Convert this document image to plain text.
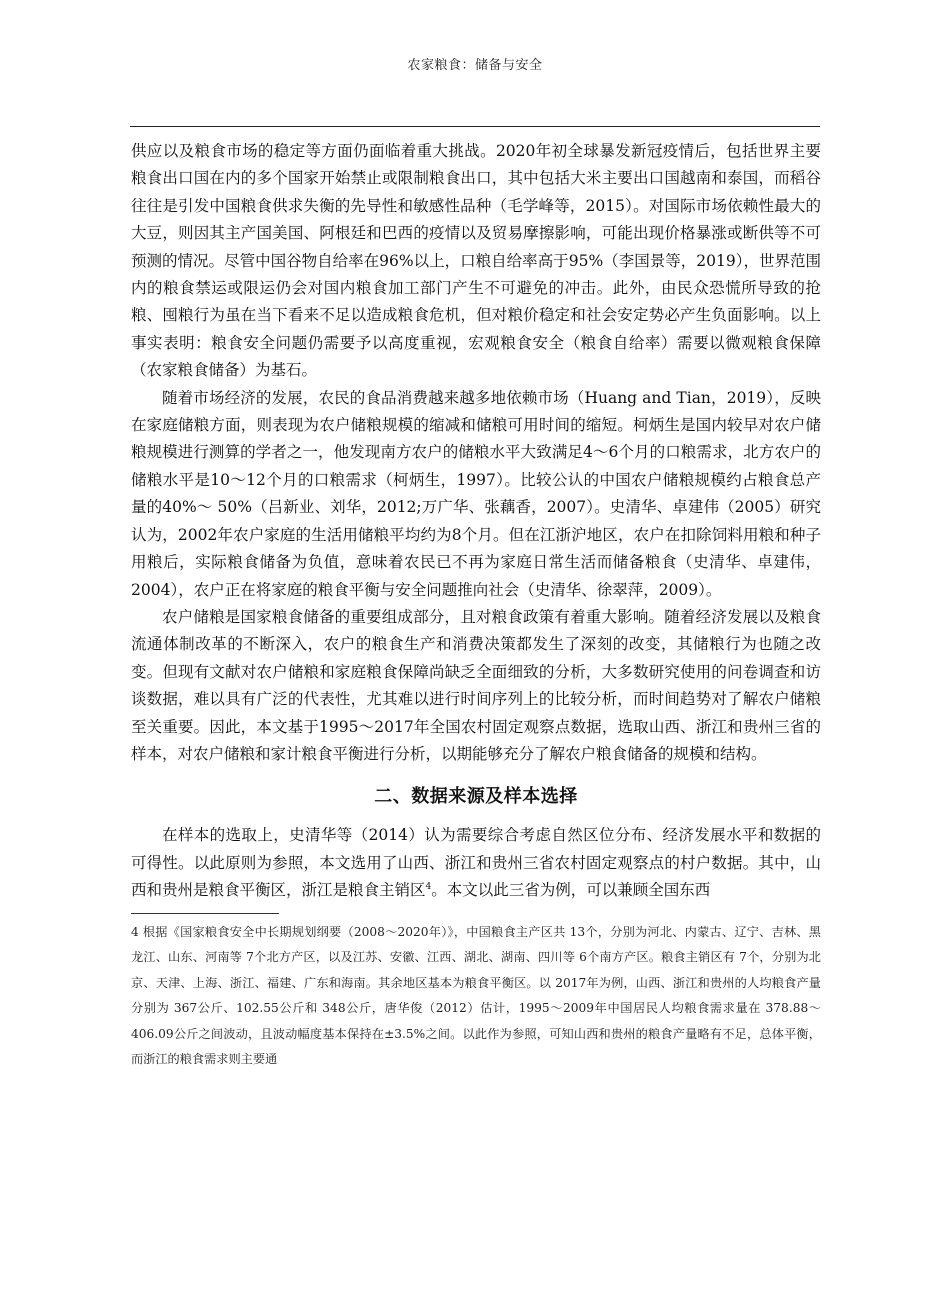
农家粮食：储备与安全

供应以及粮食市场的稳定等方面仍面临着重大挑战。2020年初全球暴发新冠疫情后，包括世界主要粮食出口国在内的多个国家开始禁止或限制粮食出口，其中包括大米主要出口国越南和泰国，而稻谷往往是引发中国粮食供求失衡的先导性和敏感性品种（毛学峰等，2015）。对国际市场依赖性最大的大豆，则因其主产国美国、阿根廷和巴西的疫情以及贸易摩擦影响，可能出现价格暴涨或断供等不可预测的情况。尽管中国谷物自给率在96%以上，口粮自给率高于95%（李国景等，2019），世界范围内的粮食禁运或限运仍会对国内粮食加工部门产生不可避免的冲击。此外，由民众恐慌所导致的抢粮、囤粮行为虽在当下看来不足以造成粮食危机，但对粮价稳定和社会安定势必产生负面影响。以上事实表明：粮食安全问题仍需要予以高度重视，宏观粮食安全（粮食自给率）需要以微观粮食保障（农家粮食储备）为基石。

随着市场经济的发展，农民的食品消费越来越多地依赖市场（Huang and Tian，2019），反映在家庭储粮方面，则表现为农户储粮规模的缩减和储粮可用时间的缩短。柯炳生是国内较早对农户储粮规模进行测算的学者之一，他发现南方农户的储粮水平大致满足4～6个月的口粮需求，北方农户的储粮水平是10～12个月的口粮需求（柯炳生，1997）。比较公认的中国农户储粮规模约占粮食总产量的40%～ 50%（吕新业、刘华，2012;万广华、张藕香，2007）。史清华、卓建伟（2005）研究认为，2002年农户家庭的生活用储粮平均约为8个月。但在江浙沪地区，农户在扣除饲料用粮和种子用粮后，实际粮食储备为负值，意味着农民已不再为家庭日常生活而储备粮食（史清华、卓建伟，2004），农户正在将家庭的粮食平衡与安全问题推向社会（史清华、徐翠萍，2009）。

农户储粮是国家粮食储备的重要组成部分，且对粮食政策有着重大影响。随着经济发展以及粮食流通体制改革的不断深入，农户的粮食生产和消费决策都发生了深刻的改变，其储粮行为也随之改变。但现有文献对农户储粮和家庭粮食保障尚缺乏全面细致的分析，大多数研究使用的问卷调查和访谈数据，难以具有广泛的代表性，尤其难以进行时间序列上的比较分析，而时间趋势对了解农户储粮至关重要。因此，本文基于1995～2017年全国农村固定观察点数据，选取山西、浙江和贵州三省的样本，对农户储粮和家计粮食平衡进行分析，以期能够充分了解农户粮食储备的规模和结构。

二、数据来源及样本选择

在样本的选取上，史清华等（2014）认为需要综合考虑自然区位分布、经济发展水平和数据的可得性。以此原则为参照，本文选用了山西、浙江和贵州三省农村固定观察点的村户数据。其中，山西和贵州是粮食平衡区，浙江是粮食主销区$^4$。本文以此三省为例，可以兼顾全国东西

4 根据《国家粮食安全中长期规划纲要（2008～2020年）》，中国粮食主产区共 13个，分别为河北、内蒙古、辽宁、吉林、黑龙江、山东、河南等 7个北方产区，以及江苏、安徽、江西、湖北、湖南、四川等 6个南方产区。粮食主销区有 7个，分别为北京、天津、上海、浙江、福建、广东和海南。其余地区基本为粮食平衡区。以 2017年为例，山西、浙江和贵州的人均粮食产量分别为 367公斤、102.55公斤和 348公斤，唐华俊（2012）估计，1995～2009年中国居民人均粮食需求量在 378.88～406.09公斤之间波动，且波动幅度基本保持在±3.5%之间。以此作为参照，可知山西和贵州的粮食产量略有不足，总体平衡，而浙江的粮食需求则主要通
